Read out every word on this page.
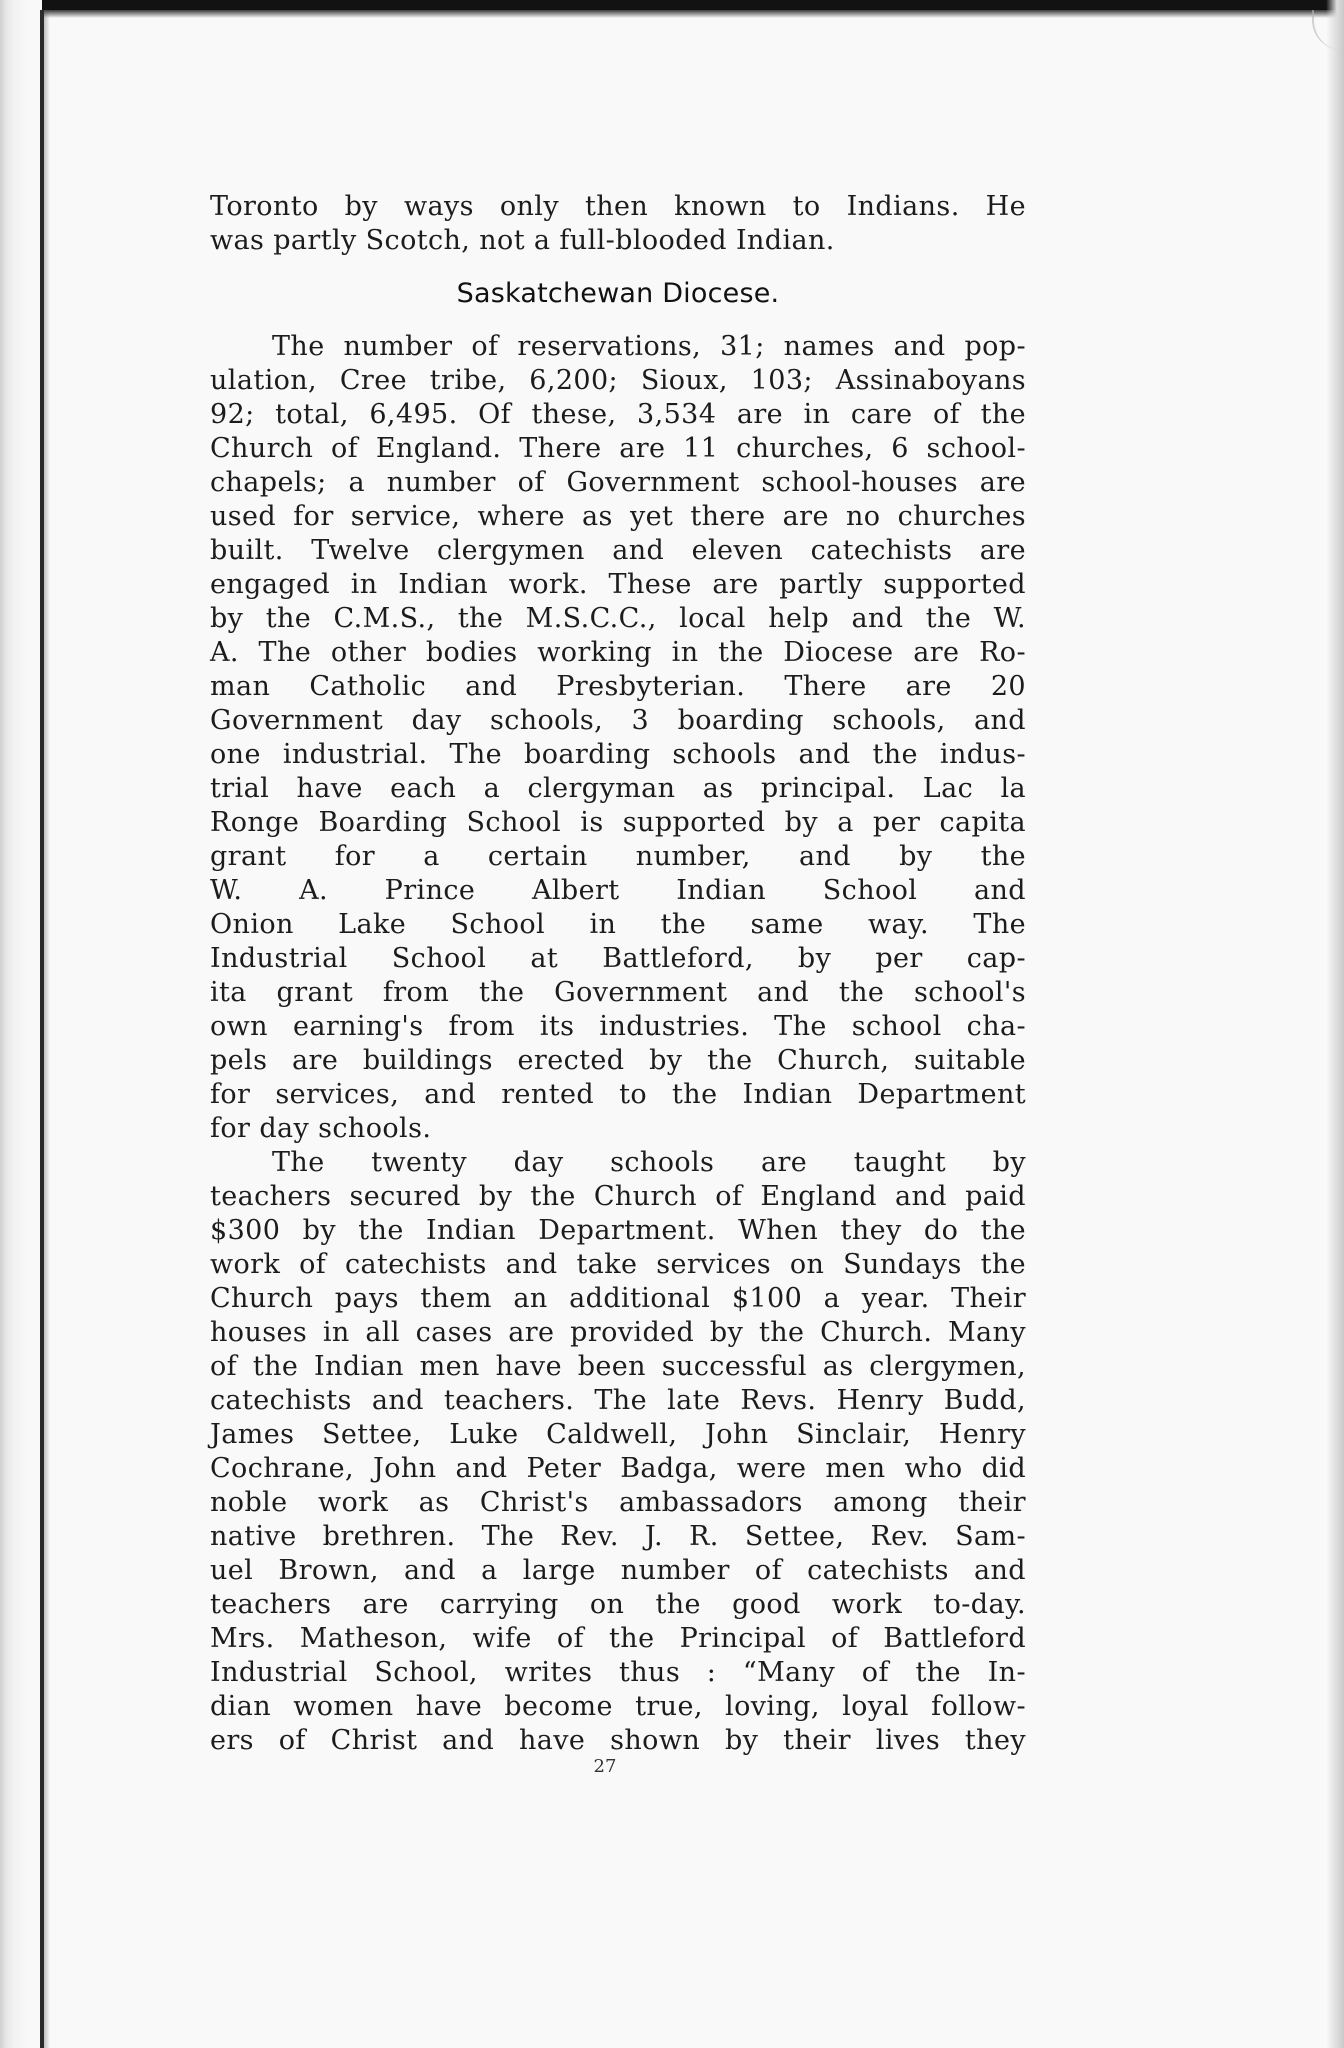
Toronto by ways only then known to Indians. He
was partly Scotch, not a full-blooded Indian.
Saskatchewan Diocese.
The number of reservations, 31; names and pop-
ulation, Cree tribe, 6,200; Sioux, 103; Assinaboyans
92; total, 6,495. Of these, 3,534 are in care of the
Church of England. There are 11 churches, 6 school-
chapels; a number of Government school-houses are
used for service, where as yet there are no churches
built. Twelve clergymen and eleven catechists are
engaged in Indian work. These are partly supported
by the C.M.S., the M.S.C.C., local help and the W.
A. The other bodies working in the Diocese are Ro-
man Catholic and Presbyterian. There are 20
Government day schools, 3 boarding schools, and
one industrial. The boarding schools and the indus-
trial have each a clergyman as principal. Lac la
Ronge Boarding School is supported by a per capita
grant for a certain number, and by the
W. A. Prince Albert Indian School and
Onion Lake School in the same way. The
Industrial School at Battleford, by per cap-
ita grant from the Government and the school's
own earning's from its industries. The school cha-
pels are buildings erected by the Church, suitable
for services, and rented to the Indian Department
for day schools.
The twenty day schools are taught by
teachers secured by the Church of England and paid
$300 by the Indian Department. When they do the
work of catechists and take services on Sundays the
Church pays them an additional $100 a year. Their
houses in all cases are provided by the Church. Many
of the Indian men have been successful as clergymen,
catechists and teachers. The late Revs. Henry Budd,
James Settee, Luke Caldwell, John Sinclair, Henry
Cochrane, John and Peter Badga, were men who did
noble work as Christ's ambassadors among their
native brethren. The Rev. J. R. Settee, Rev. Sam-
uel Brown, and a large number of catechists and
teachers are carrying on the good work to-day.
Mrs. Matheson, wife of the Principal of Battleford
Industrial School, writes thus : “Many of the In-
dian women have become true, loving, loyal follow-
ers of Christ and have shown by their lives they
27
